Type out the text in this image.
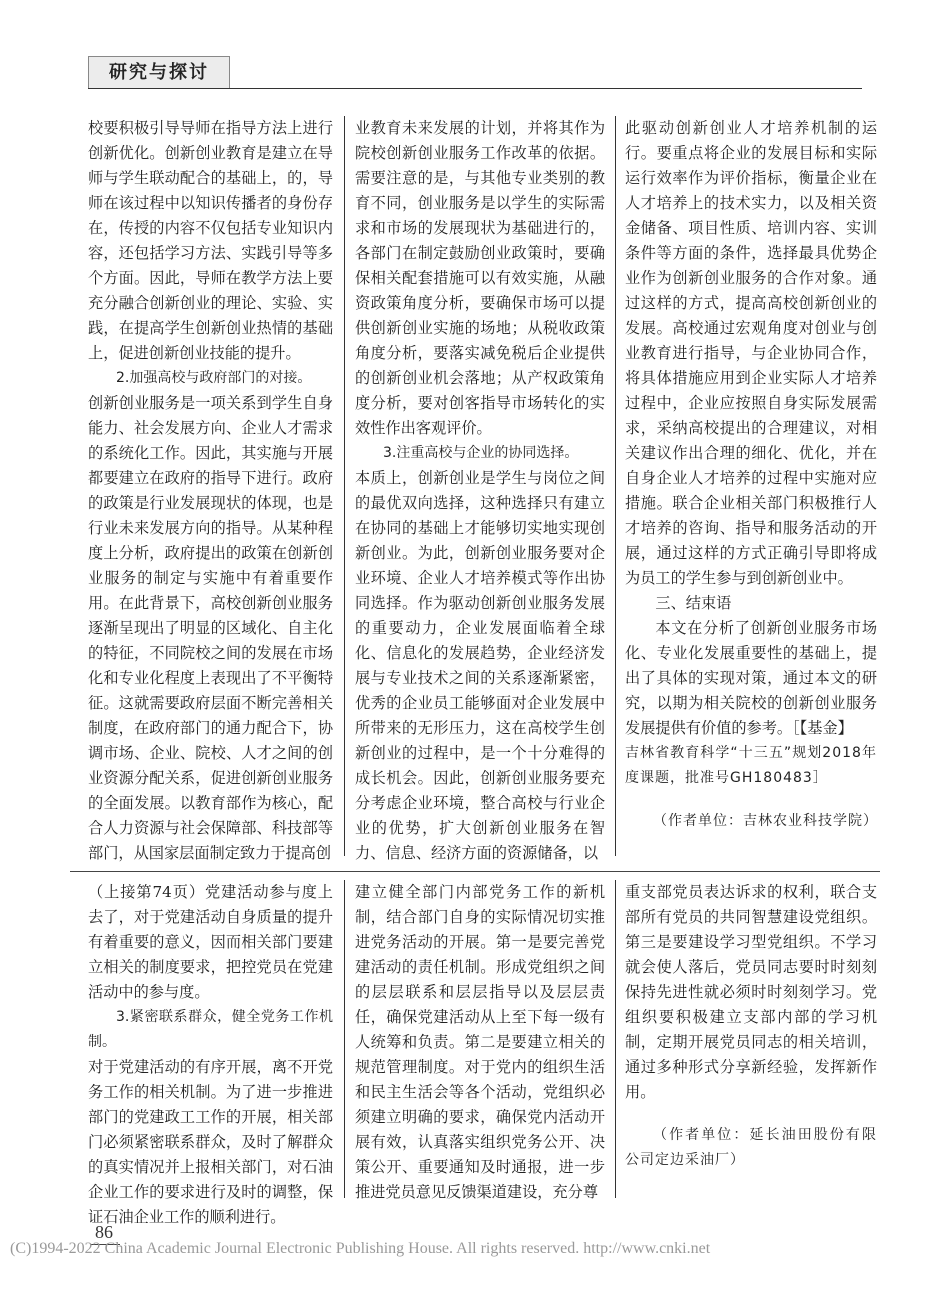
研究与探讨

校要积极引导导师在指导方法上进行创新优化。创新创业教育是建立在导师与学生联动配合的基础上，的，导师在该过程中以知识传播者的身份存在，传授的内容不仅包括专业知识内容，还包括学习方法、实践引导等多个方面。因此，导师在教学方法上要充分融合创新创业的理论、实验、实践，在提高学生创新创业热情的基础上，促进创新创业技能的提升。

2.加强高校与政府部门的对接。

创新创业服务是一项关系到学生自身能力、社会发展方向、企业人才需求的系统化工作。因此，其实施与开展都要建立在政府的指导下进行。政府的政策是行业发展现状的体现，也是行业未来发展方向的指导。从某种程度上分析，政府提出的政策在创新创业服务的制定与实施中有着重要作用。在此背景下，高校创新创业服务逐渐呈现出了明显的区域化、自主化的特征，不同院校之间的发展在市场化和专业化程度上表现出了不平衡特征。这就需要政府层面不断完善相关制度，在政府部门的通力配合下，协调市场、企业、院校、人才之间的创业资源分配关系，促进创新创业服务的全面发展。以教育部作为核心，配合人力资源与社会保障部、科技部等部门，从国家层面制定致力于提高创

业教育未来发展的计划，并将其作为院校创新创业服务工作改革的依据。需要注意的是，与其他专业类别的教育不同，创业服务是以学生的实际需求和市场的发展现状为基础进行的，各部门在制定鼓励创业政策时，要确保相关配套措施可以有效实施，从融资政策角度分析，要确保市场可以提供创新创业实施的场地；从税收政策角度分析，要落实减免税后企业提供的创新创业机会落地；从产权政策角度分析，要对创客指导市场转化的实效性作出客观评价。

3.注重高校与企业的协同选择。

本质上，创新创业是学生与岗位之间的最优双向选择，这种选择只有建立在协同的基础上才能够切实地实现创新创业。为此，创新创业服务要对企业环境、企业人才培养模式等作出协同选择。作为驱动创新创业服务发展的重要动力，企业发展面临着全球化、信息化的发展趋势，企业经济发展与专业技术之间的关系逐渐紧密，优秀的企业员工能够面对企业发展中所带来的无形压力，这在高校学生创新创业的过程中，是一个十分难得的成长机会。因此，创新创业服务要充分考虑企业环境，整合高校与行业企业的优势，扩大创新创业服务在智力、信息、经济方面的资源储备，以

此驱动创新创业人才培养机制的运行。要重点将企业的发展目标和实际运行效率作为评价指标，衡量企业在人才培养上的技术实力，以及相关资金储备、项目性质、培训内容、实训条件等方面的条件，选择最具优势企业作为创新创业服务的合作对象。通过这样的方式，提高高校创新创业的发展。高校通过宏观角度对创业与创业教育进行指导，与企业协同合作，将具体措施应用到企业实际人才培养过程中，企业应按照自身实际发展需求，采纳高校提出的合理建议，对相关建议作出合理的细化、优化，并在自身企业人才培养的过程中实施对应措施。联合企业相关部门积极推行人才培养的咨询、指导和服务活动的开展，通过这样的方式正确引导即将成为员工的学生参与到创新创业中。

三、结束语

本文在分析了创新创业服务市场化、专业化发展重要性的基础上，提出了具体的实现对策，通过本文的研究，以期为相关院校的创新创业服务发展提供有价值的参考。［【基金】

吉林省教育科学“十三五”规划2018年度课题，批准号GH180483］

（作者单位：吉林农业科技学院）

（上接第74页）党建活动参与度上去了，对于党建活动自身质量的提升有着重要的意义，因而相关部门要建立相关的制度要求，把控党员在党建活动中的参与度。

3.紧密联系群众，健全党务工作机制。

对于党建活动的有序开展，离不开党务工作的相关机制。为了进一步推进部门的党建政工工作的开展，相关部门必须紧密联系群众，及时了解群众的真实情况并上报相关部门，对石油企业工作的要求进行及时的调整，保证石油企业工作的顺利进行。

建立健全部门内部党务工作的新机制，结合部门自身的实际情况切实推进党务活动的开展。第一是要完善党建活动的责任机制。形成党组织之间的层层联系和层层指导以及层层责任，确保党建活动从上至下每一级有人统筹和负责。第二是要建立相关的规范管理制度。对于党内的组织生活和民主生活会等各个活动，党组织必须建立明确的要求，确保党内活动开展有效，认真落实组织党务公开、决策公开、重要通知及时通报，进一步推进党员意见反馈渠道建设，充分尊

重支部党员表达诉求的权利，联合支部所有党员的共同智慧建设党组织。第三是要建设学习型党组织。不学习就会使人落后，党员同志要时时刻刻保持先进性就必须时时刻刻学习。党组织要积极建立支部内部的学习机制，定期开展党员同志的相关培训，通过多种形式分享新经验，发挥新作用。

（作者单位：延长油田股份有限公司定边采油厂）

86
(C)1994-2022 China Academic Journal Electronic Publishing House. All rights reserved. http://www.cnki.net
